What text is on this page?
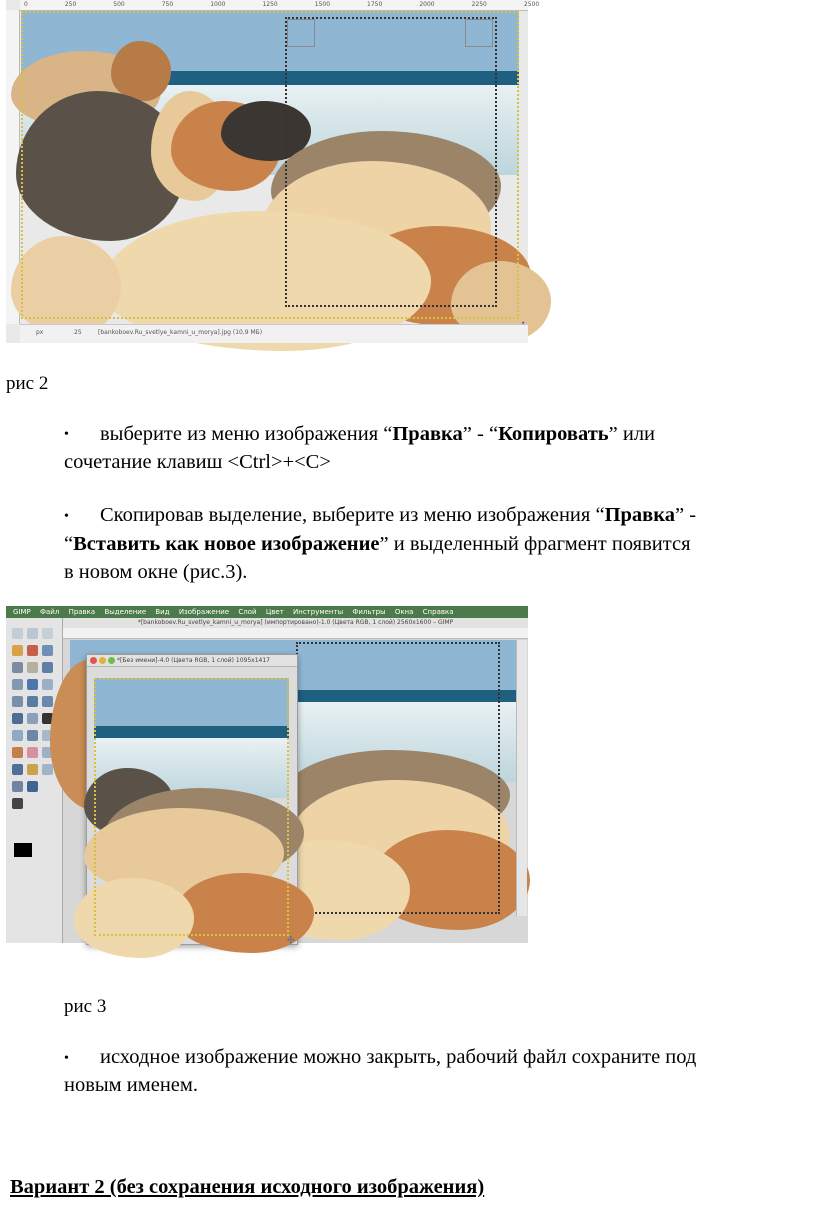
0	250	500	750	1000	1250	1500	1750	2000	2250	2500
px	25	[bankoboev.Ru_svetlye_kamni_u_morya].jpg (10,9 МБ)
рис 2
• выберите из меню изображения “Правка” - “Копировать” или
сочетание клавиш <Ctrl>+<C>
• Скопировав выделение, выберите из меню изображения “Правка” -
“Вставить как новое изображение” и выделенный фрагмент появится
в новом окне (рис.3).
GIMP Файл Правка Выделение Вид Изображение Слой Цвет Инструменты Фильтры Окна Справка
*[bankoboev.Ru_svetlye_kamni_u_morya] (импортировано)-1.0 (Цвета RGB, 1 слой) 2560x1600 – GIMP
*[Без имени]-4.0 (Цвета RGB, 1 слой) 1095x1417
✣
рис 3
• исходное изображение можно закрыть, рабочий файл сохраните под
новым именем.
Вариант 2 (без сохранения исходного изображения)
